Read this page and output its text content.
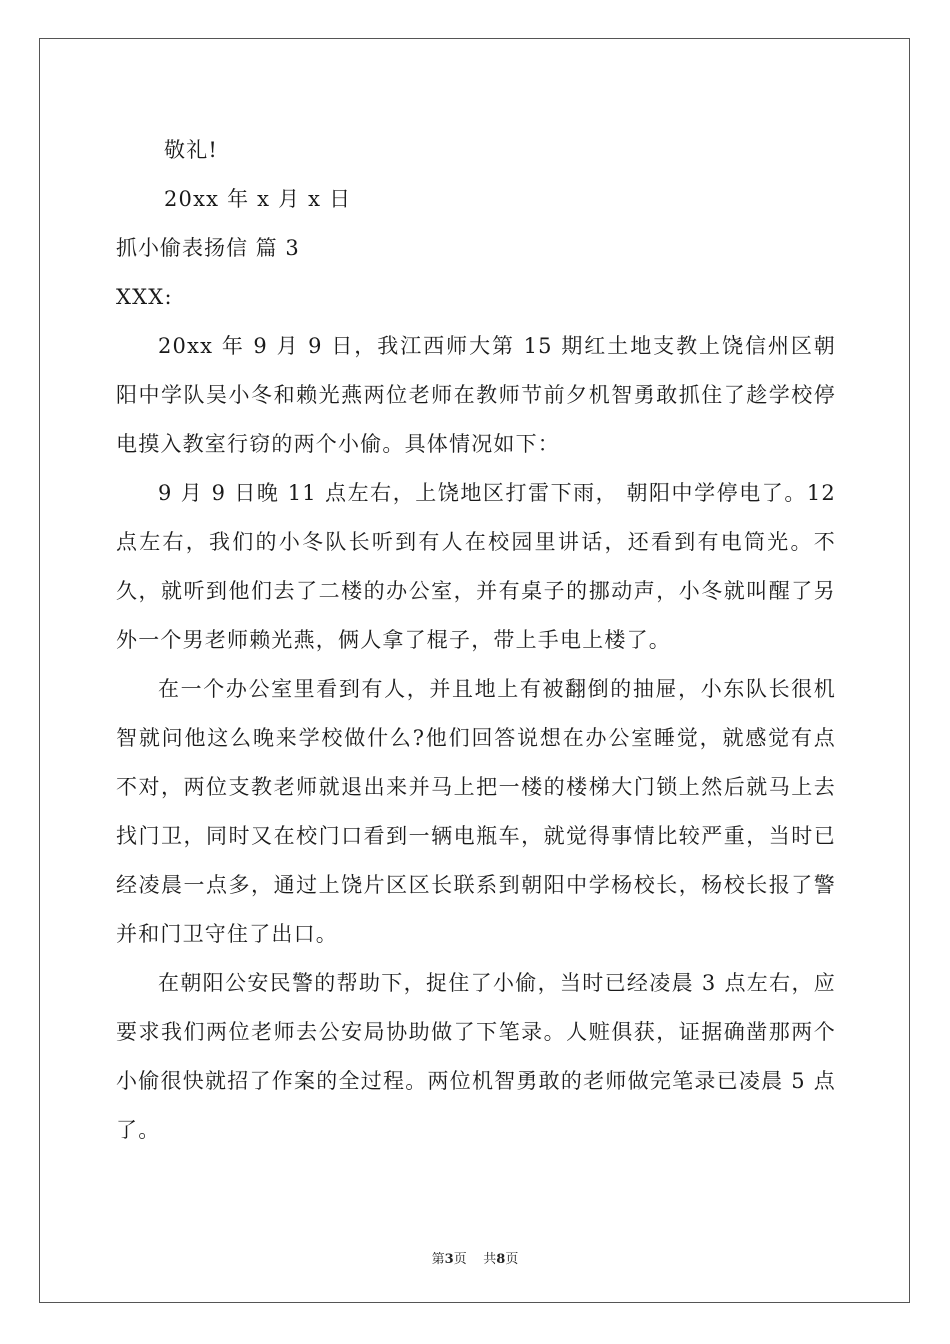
敬礼!
20xx 年 x 月 x 日
抓小偷表扬信 篇 3
XXX:

20xx 年 9 月 9 日，我江西师大第 15 期红土地支教上饶信州区朝阳中学队吴小冬和赖光燕两位老师在教师节前夕机智勇敢抓住了趁学校停电摸入教室行窃的两个小偷。具体情况如下：

9 月 9 日晚 11 点左右，上饶地区打雷下雨， 朝阳中学停电了。12 点左右，我们的小冬队长听到有人在校园里讲话，还看到有电筒光。不久，就听到他们去了二楼的办公室，并有桌子的挪动声，小冬就叫醒了另外一个男老师赖光燕，俩人拿了棍子，带上手电上楼了。

在一个办公室里看到有人，并且地上有被翻倒的抽屉，小东队长很机智就问他这么晚来学校做什么?他们回答说想在办公室睡觉，就感觉有点不对，两位支教老师就退出来并马上把一楼的楼梯大门锁上然后就马上去找门卫，同时又在校门口看到一辆电瓶车，就觉得事情比较严重，当时已经凌晨一点多，通过上饶片区区长联系到朝阳中学杨校长，杨校长报了警并和门卫守住了出口。

在朝阳公安民警的帮助下，捉住了小偷，当时已经凌晨 3 点左右，应要求我们两位老师去公安局协助做了下笔录。人赃俱获，证据确凿那两个小偷很快就招了作案的全过程。两位机智勇敢的老师做完笔录已凌晨 5 点了。

第3页 共8页
